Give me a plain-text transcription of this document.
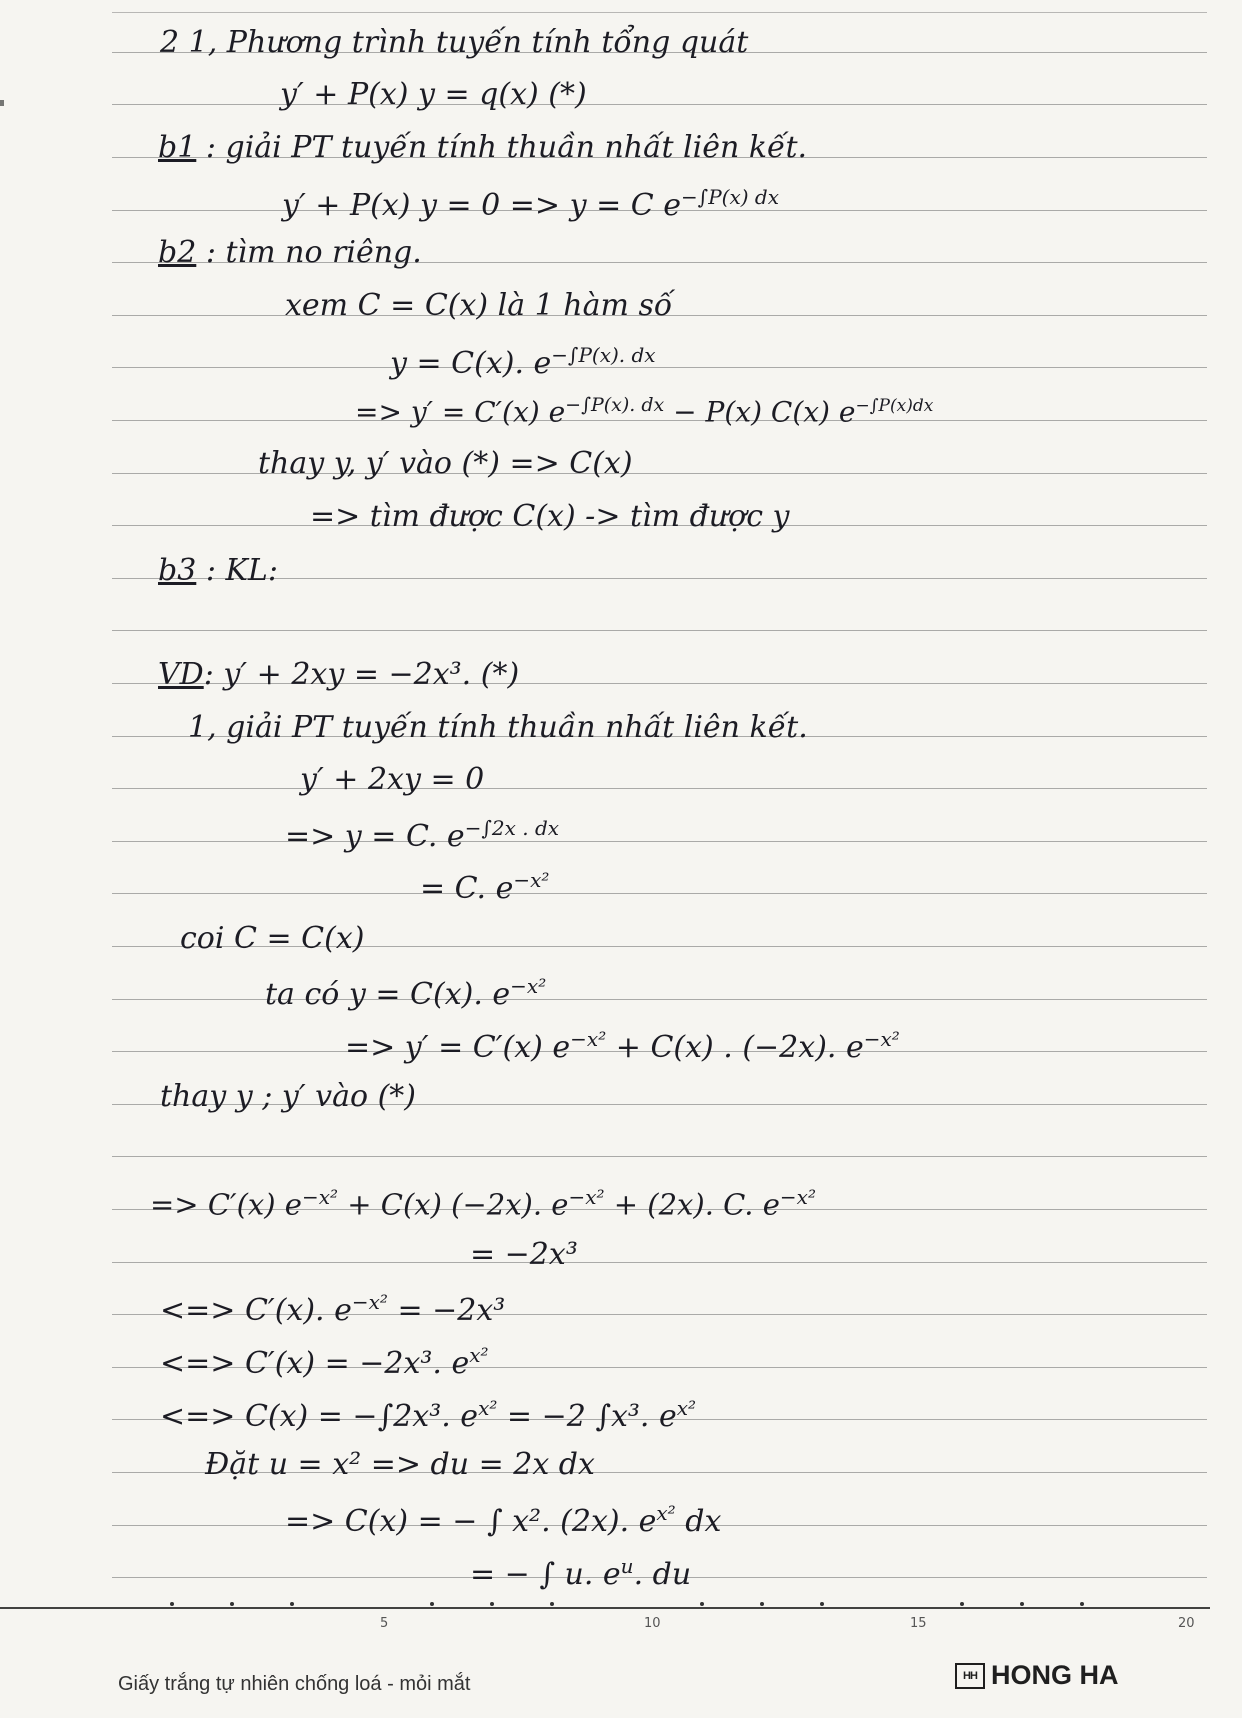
2 1, Phương trình tuyến tính tổng quát
y′ + P(x) y = q(x) (*)
b1 : giải PT tuyến tính thuần nhất liên kết.
y′ + P(x) y = 0 => y = C $e^{-\int P(x) dx}$
b2 : tìm no riêng.
xem C = C(x) là 1 hàm số
y = C(x). $e^{-\int P(x). dx}$
=> y′ = C′(x) $e^{-\int P(x). dx} - P(x)$ C(x) $e^{-\int P(x)dx}$
thay y, y′ vào (*) => C(x)
=> tìm được C(x) -> tìm được y
b3 : KL:
VD: y′ + 2xy = −2x³. (*)
1, giải PT tuyến tính thuần nhất liên kết.
y′ + 2xy = 0
=> y = C. $e^{-\int 2x . dx}$
= C. $e^{-x^2}$
coi C = C(x)
ta có y = C(x). $e^{-x^2}$
=> y′ = C′(x) $e^{-x^2} + C(x)$ . (−2x). $e^{-x^2}$
thay y ; y′ vào (*)
=> C′(x) $e^{-x^2} + C(x)$ (−2x). $e^{-x^2} + (2x)$. C. $e^{-x^2}$
= −2x³
<=> C′(x). $e^{-x^2} = -2x^3$
<=> C′(x) = −2x³. $e^{x^2}$
<=> C(x) = −∫2x³. $e^{x^2} = -2$ ∫x³. $e^{x^2}$
Đặt u = x² => du = 2x dx
=> C(x) = − ∫ x². (2x). $e^{x^2}$ dx
= − ∫ u. $e^u$. du
5	10	15	20
Giấy trắng tự nhiên chống loá - mỏi mắt	HH HONG HA
